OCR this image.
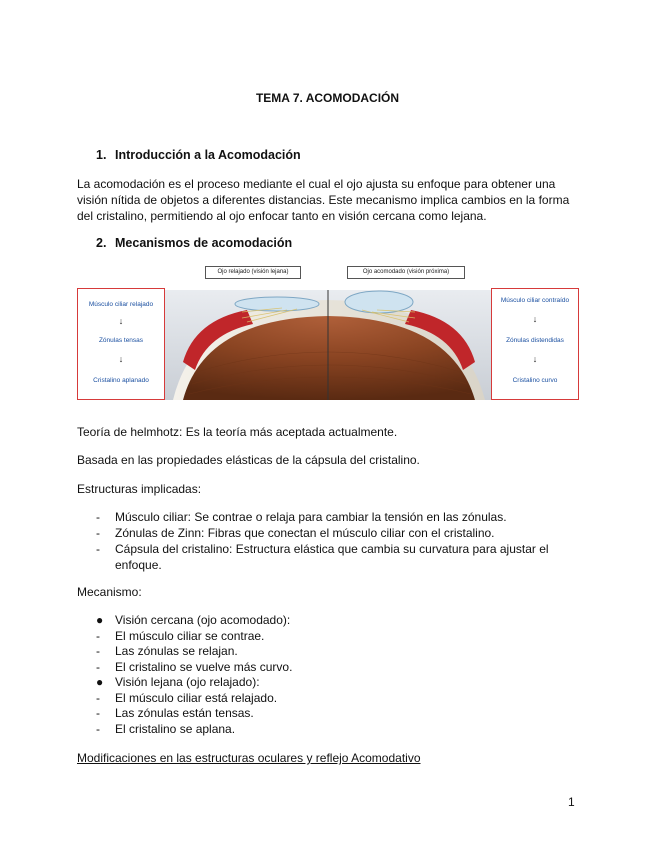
TEMA 7. ACOMODACIÓN
1. Introducción a la Acomodación
La acomodación es el proceso mediante el cual el ojo ajusta su enfoque para obtener una
visión nítida de objetos a diferentes distancias. Este mecanismo implica cambios en la forma
del cristalino, permitiendo al ojo enfocar tanto en visión cercana como lejana.
2. Mecanismos de acomodación
Ojo relajado (visión lejana)	Ojo acomodado (visión próxima)
Músculo ciliar relajado
↓
Zónulas tensas
↓
Cristalino aplanado
Músculo ciliar contraído
↓
Zónulas distendidas
↓
Cristalino curvo
Teoría de helmhotz: Es la teoría más aceptada actualmente.
Basada en las propiedades elásticas de la cápsula del cristalino.
Estructuras implicadas:
- Músculo ciliar: Se contrae o relaja para cambiar la tensión en las zónulas.
- Zónulas de Zinn: Fibras que conectan el músculo ciliar con el cristalino.
- Cápsula del cristalino: Estructura elástica que cambia su curvatura para ajustar el
enfoque.
Mecanismo:
● Visión cercana (ojo acomodado):
- El músculo ciliar se contrae.
- Las zónulas se relajan.
- El cristalino se vuelve más curvo.
● Visión lejana (ojo relajado):
- El músculo ciliar está relajado.
- Las zónulas están tensas.
- El cristalino se aplana.
Modificaciones en las estructuras oculares y reflejo Acomodativo
1
